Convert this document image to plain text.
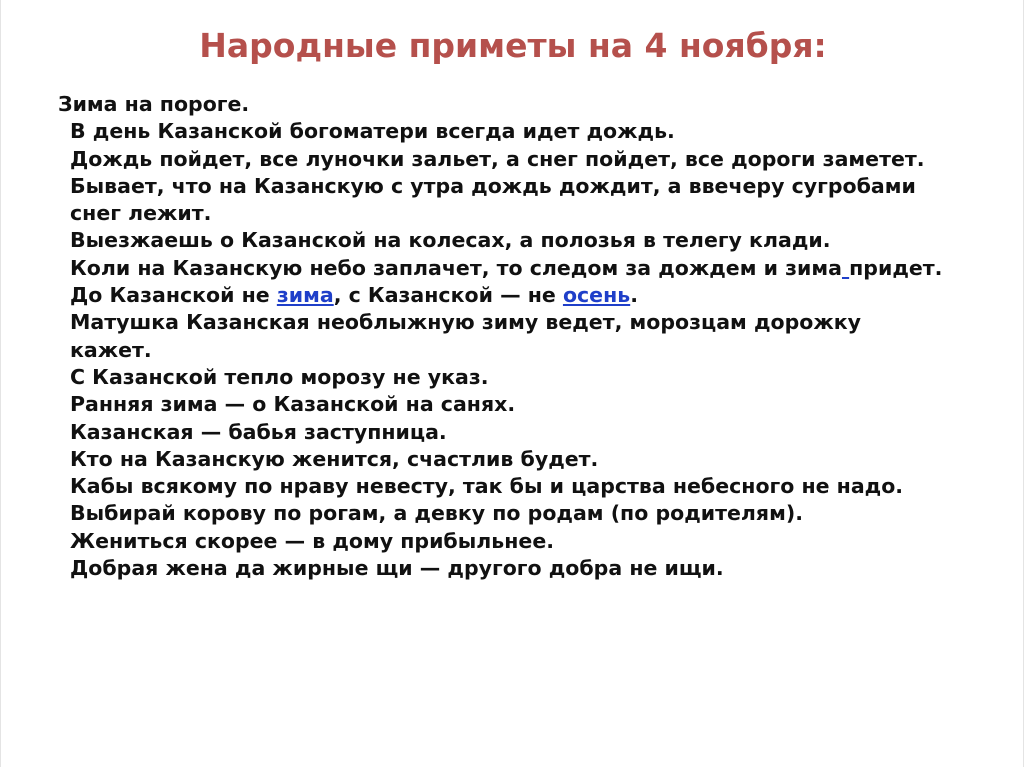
Народные приметы на 4 ноября:
Зима на пороге.
В день Казанской богоматери всегда идет дождь.
Дождь пойдет, все луночки зальет, а снег пойдет, все дороги заметет.
Бывает, что на Казанскую с утра дождь дождит, а ввечеру сугробами
снег лежит.
Выезжаешь о Казанской на колесах, а полозья в телегу клади.
Коли на Казанскую небо заплачет, то следом за дождем и зима придет.
До Казанской не зима, с Казанской — не осень.
Матушка Казанская необлыжную зиму ведет, морозцам дорожку
кажет.
С Казанской тепло морозу не указ.
Ранняя зима — о Казанской на санях.
Казанская — бабья заступница.
Кто на Казанскую женится, счастлив будет.
Кабы всякому по нраву невесту, так бы и царства небесного не надо.
Выбирай корову по рогам, а девку по родам (по родителям).
Жениться скорее — в дому прибыльнее.
Добрая жена да жирные щи — другого добра не ищи.
